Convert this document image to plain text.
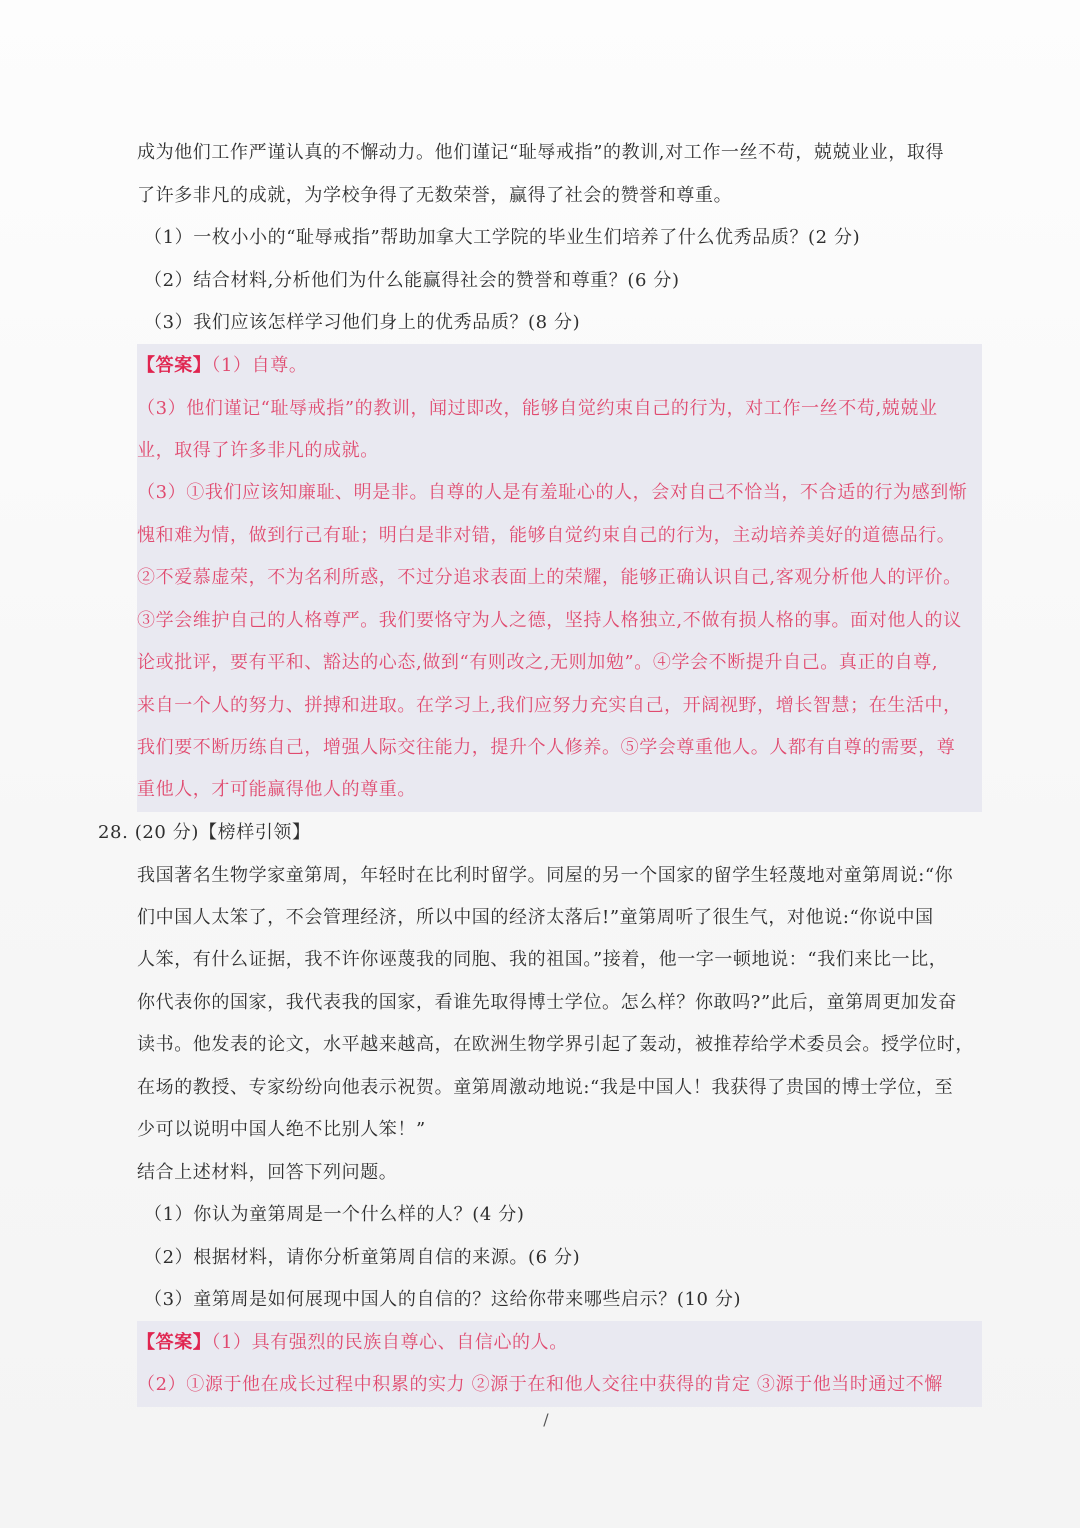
成为他们工作严谨认真的不懈动力。他们谨记“耻辱戒指”的教训,对工作一丝不苟，兢兢业业，取得
了许多非凡的成就，为学校争得了无数荣誉，赢得了社会的赞誉和尊重。
（1）一枚小小的“耻辱戒指”帮助加拿大工学院的毕业生们培养了什么优秀品质？(2 分)
（2）结合材料,分析他们为什么能赢得社会的赞誉和尊重？(6 分)
（3）我们应该怎样学习他们身上的优秀品质？(8 分)
【答案】（1）自尊。
（3）他们谨记“耻辱戒指”的教训，闻过即改，能够自觉约束自己的行为，对工作一丝不苟,兢兢业
业，取得了许多非凡的成就。
（3）①我们应该知廉耻、明是非。自尊的人是有羞耻心的人，会对自己不恰当，不合适的行为感到惭
愧和难为情，做到行己有耻；明白是非对错，能够自觉约束自己的行为，主动培养美好的道德品行。
②不爱慕虚荣，不为名利所惑，不过分追求表面上的荣耀，能够正确认识自己,客观分析他人的评价。
③学会维护自己的人格尊严。我们要恪守为人之德，坚持人格独立,不做有损人格的事。面对他人的议
论或批评，要有平和、豁达的心态,做到“有则改之,无则加勉”。④学会不断提升自己。真正的自尊,
来自一个人的努力、拼搏和进取。在学习上,我们应努力充实自己，开阔视野，增长智慧；在生活中，
我们要不断历练自己，增强人际交往能力，提升个人修养。⑤学会尊重他人。人都有自尊的需要，尊
重他人，才可能赢得他人的尊重。
28. (20 分)【榜样引领】
我国著名生物学家童第周，年轻时在比利时留学。同屋的另一个国家的留学生轻蔑地对童第周说:“你
们中国人太笨了，不会管理经济，所以中国的经济太落后!”童第周听了很生气，对他说:“你说中国
人笨，有什么证据，我不许你诬蔑我的同胞、我的祖国。”接着，他一字一顿地说：“我们来比一比，
你代表你的国家，我代表我的国家，看谁先取得博士学位。怎么样？你敢吗?”此后，童第周更加发奋
读书。他发表的论文，水平越来越高，在欧洲生物学界引起了轰动，被推荐给学术委员会。授学位时，
在场的教授、专家纷纷向他表示祝贺。童第周激动地说:“我是中国人！我获得了贵国的博士学位，至
少可以说明中国人绝不比别人笨！”
结合上述材料，回答下列问题。
（1）你认为童第周是一个什么样的人？(4 分)
（2）根据材料，请你分析童第周自信的来源。(6 分)
（3）童第周是如何展现中国人的自信的？这给你带来哪些启示？(10 分)
【答案】（1）具有强烈的民族自尊心、自信心的人。
（2）①源于他在成长过程中积累的实力 ②源于在和他人交往中获得的肯定 ③源于他当时通过不懈
/
